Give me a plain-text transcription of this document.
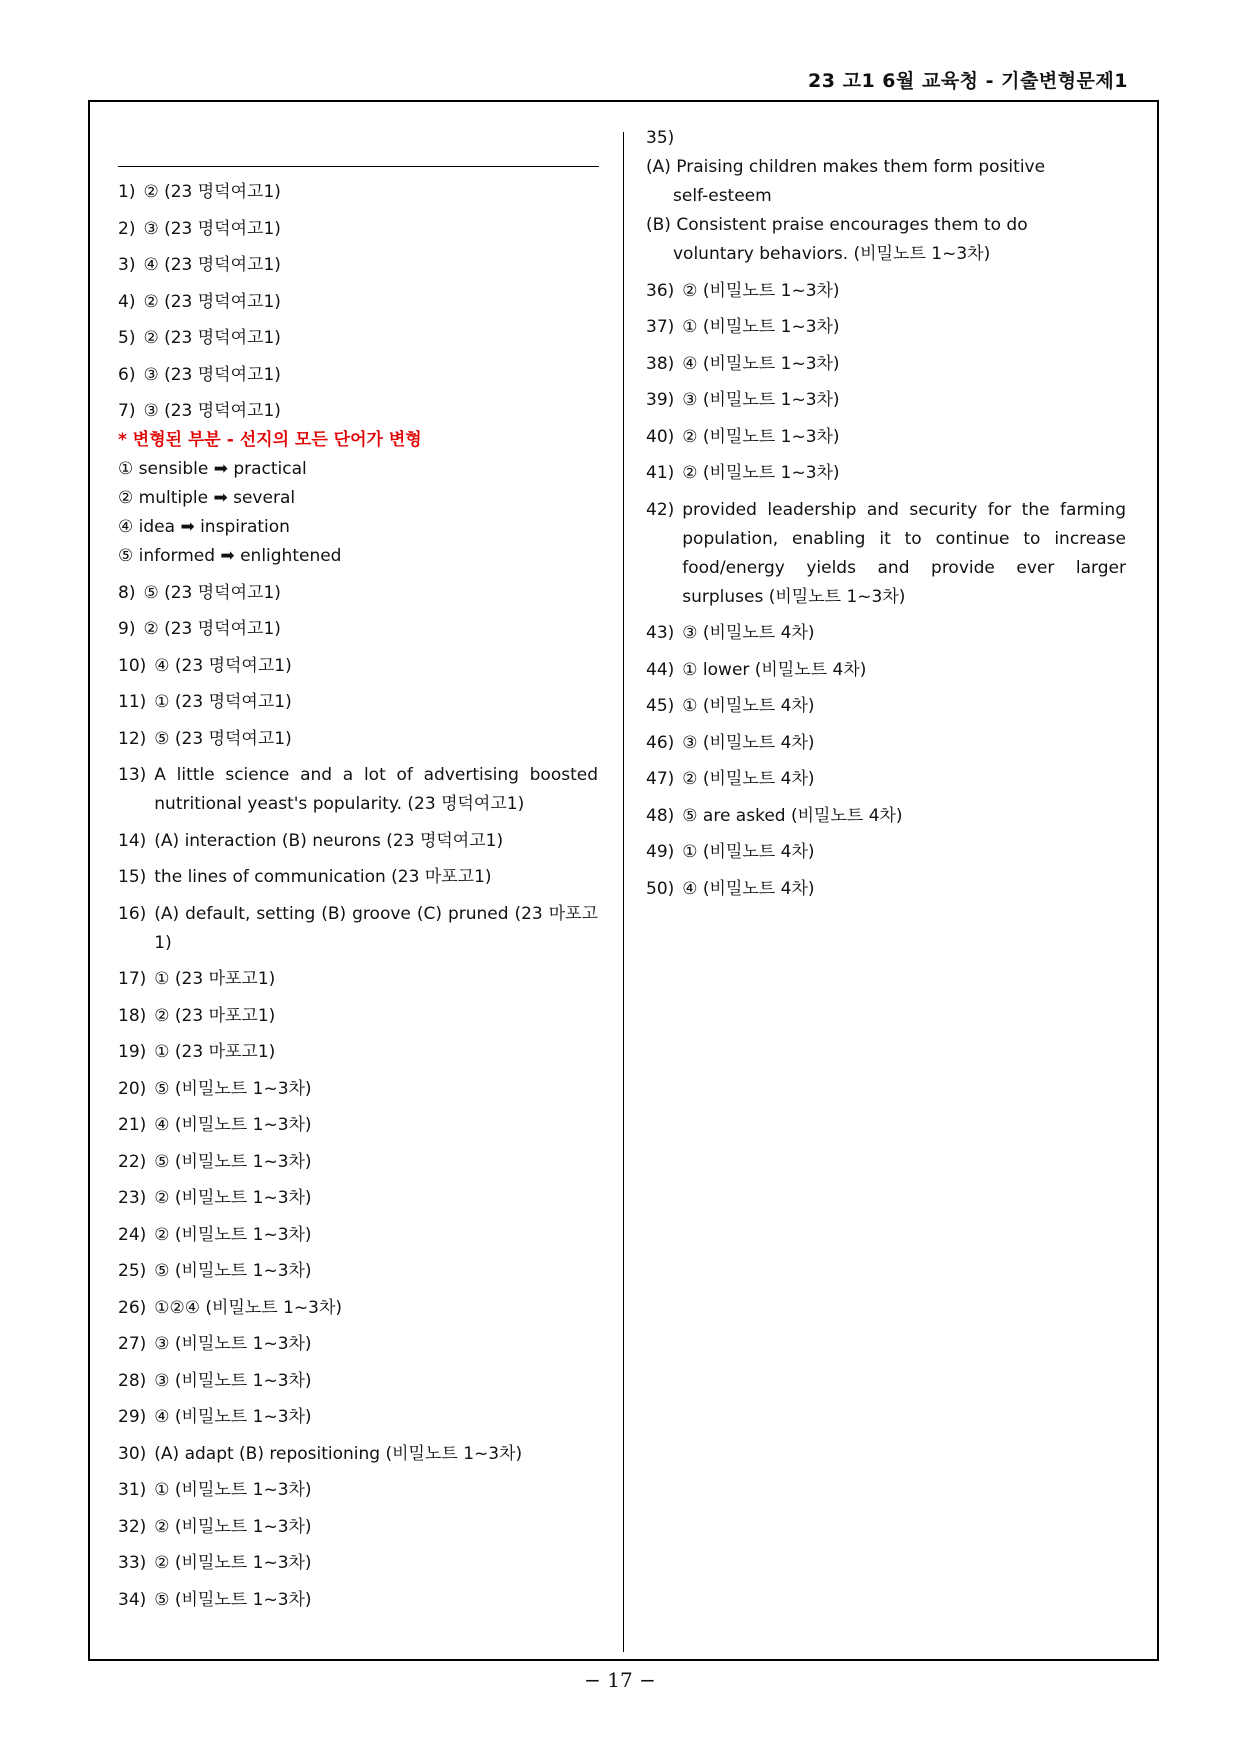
23 고1 6월 교육청 - 기출변형문제1
1) ② (23 명덕여고1)
2) ③ (23 명덕여고1)
3) ④ (23 명덕여고1)
4) ② (23 명덕여고1)
5) ② (23 명덕여고1)
6) ③ (23 명덕여고1)
7) ③ (23 명덕여고1)
* 변형된 부분 - 선지의 모든 단어가 변형
① sensible ➡ practical
② multiple ➡ several
④ idea ➡ inspiration
⑤ informed ➡ enlightened
8) ⑤ (23 명덕여고1)
9) ② (23 명덕여고1)
10) ④ (23 명덕여고1)
11) ① (23 명덕여고1)
12) ⑤ (23 명덕여고1)
13) A little science and a lot of advertising boosted nutritional yeast's popularity. (23 명덕여고1)
14) (A) interaction (B) neurons (23 명덕여고1)
15) the lines of communication (23 마포고1)
16) (A) default, setting (B) groove (C) pruned (23 마포고1)
17) ① (23 마포고1)
18) ② (23 마포고1)
19) ① (23 마포고1)
20) ⑤ (비밀노트 1~3차)
21) ④ (비밀노트 1~3차)
22) ⑤ (비밀노트 1~3차)
23) ② (비밀노트 1~3차)
24) ② (비밀노트 1~3차)
25) ⑤ (비밀노트 1~3차)
26) ①②④ (비밀노트 1~3차)
27) ③ (비밀노트 1~3차)
28) ③ (비밀노트 1~3차)
29) ④ (비밀노트 1~3차)
30) (A) adapt (B) repositioning (비밀노트 1~3차)
31) ① (비밀노트 1~3차)
32) ② (비밀노트 1~3차)
33) ② (비밀노트 1~3차)
34) ⑤ (비밀노트 1~3차)
35)
(A) Praising children makes them form positive
self-esteem
(B) Consistent praise encourages them to do
voluntary behaviors. (비밀노트 1~3차)
36) ② (비밀노트 1~3차)
37) ① (비밀노트 1~3차)
38) ④ (비밀노트 1~3차)
39) ③ (비밀노트 1~3차)
40) ② (비밀노트 1~3차)
41) ② (비밀노트 1~3차)
42) provided leadership and security for the farming population, enabling it to continue to increase food/energy yields and provide ever larger surpluses (비밀노트 1~3차)
43) ③ (비밀노트 4차)
44) ① lower (비밀노트 4차)
45) ① (비밀노트 4차)
46) ③ (비밀노트 4차)
47) ② (비밀노트 4차)
48) ⑤ are asked (비밀노트 4차)
49) ① (비밀노트 4차)
50) ④ (비밀노트 4차)
− 17 −
